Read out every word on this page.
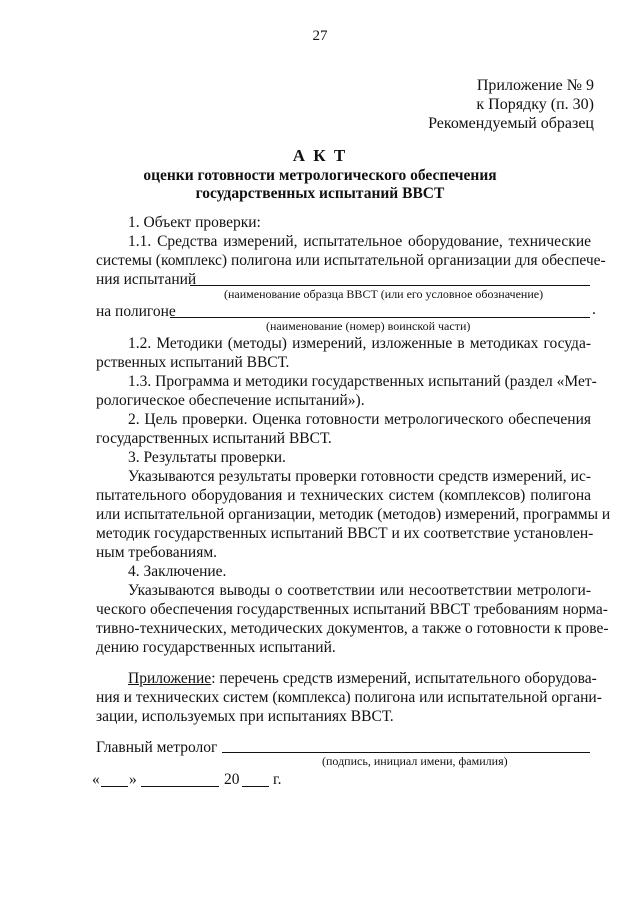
27
Приложение № 9
к Порядку (п. 30)
Рекомендуемый образец
А К Т
оценки готовности метрологического обеспечения
государственных испытаний ВВСТ
1. Объект проверки:
1.1. Средства измерений, испытательное оборудование, технические
системы (комплекс) полигона или испытательной организации для обеспече-
ния испытаний
(наименование образца ВВСТ (или его условное обозначение)
на полигоне	.
(наименование (номер) воинской части)
1.2. Методики (методы) измерений, изложенные в методиках госуда-
рственных испытаний ВВСТ.
1.3. Программа и методики государственных испытаний (раздел «Мет-
рологическое обеспечение испытаний»).
2. Цель проверки. Оценка готовности метрологического обеспечения
государственных испытаний ВВСТ.
3. Результаты проверки.
Указываются результаты проверки готовности средств измерений, ис-
пытательного оборудования и технических систем (комплексов) полигона
или испытательной организации, методик (методов) измерений, программы и
методик государственных испытаний ВВСТ и их соответствие установлен-
ным требованиям.
4. Заключение.
Указываются выводы о соответствии или несоответствии метрологи-
ческого обеспечения государственных испытаний ВВСТ требованиям норма-
тивно-технических, методических документов, а также о готовности к прове-
дению государственных испытаний.
Приложение: перечень средств измерений, испытательного оборудова-
ния и технических систем (комплекса) полигона или испытательной органи-
зации, используемых при испытаниях ВВСТ.
Главный метролог
(подпись, инициал имени, фамилия)
« »	20 г.
